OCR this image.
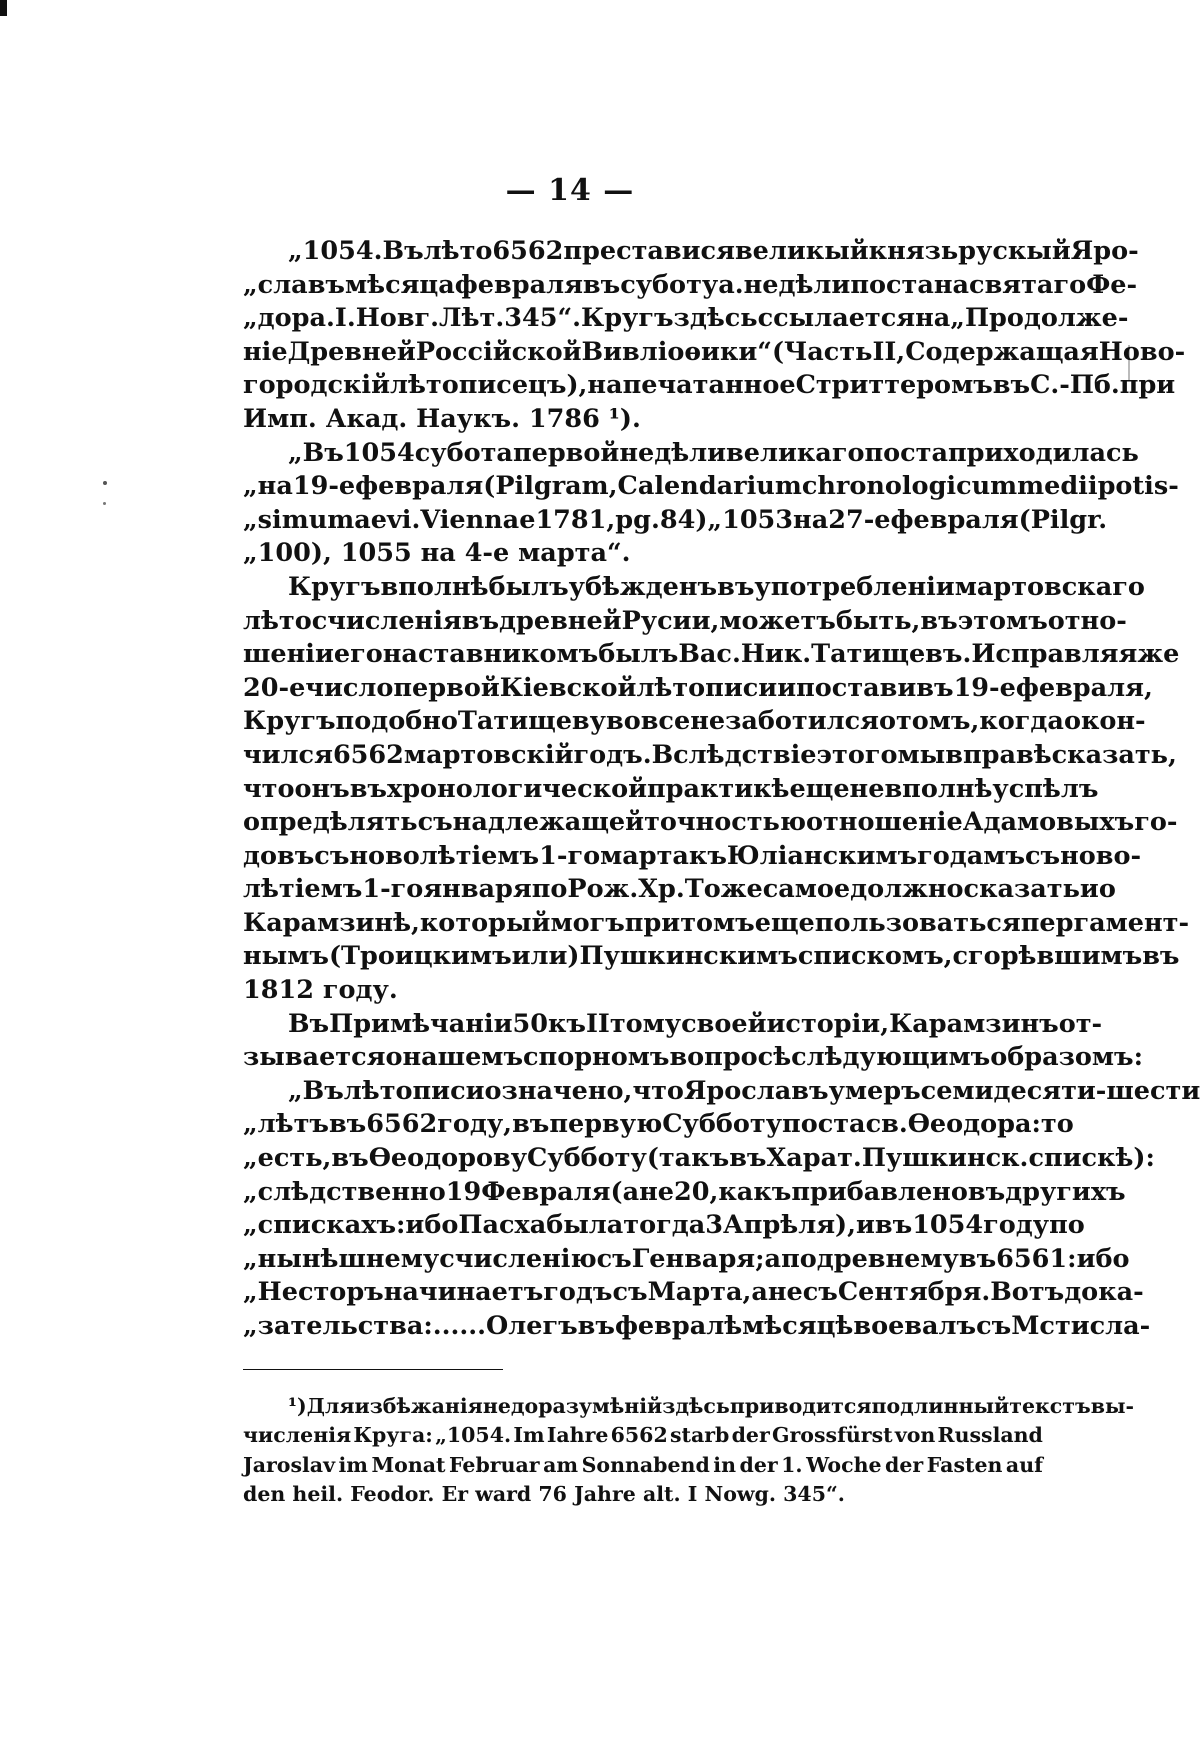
— 14 —
„1054. Въ лѣто 6562 преставися великый князь рускый Яро-
„славъ мѣсяца февраля въ суботу а. недѣли поста на святаго Фе-
„дора. I. Новг. Лѣт. 345“. Кругъ здѣсь ссылается на „Продолже-
ніе Древней Россійской Вивліоѳики“ (Часть II, Содержащая Ново-
городскій лѣтописецъ), напечатанное Стриттеромъ въ С.-Пб. при
Имп. Акад. Наукъ. 1786 ¹).
„Въ 1054 субота первой недѣли великаго поста приходилась
„на 19-е февраля (Pilgram, Calendarium chronologicum medii potis-
„simum aevi. Viennae 1781, pg. 84) „1053 на 27-е февраля (Pilgr.
„100), 1055 на 4-е марта“.
Кругъ вполнѣ былъ убѣжденъ въ употребленіи мартовскаго
лѣтосчисленія въ древней Руси и, можетъ быть, въ этомъ отно-
шеніи его наставникомъ былъ Вас. Ник. Татищевъ. Исправляя же
20-е число первой Кіевской лѣтописи и поставивъ 19-е февраля,
Кругъ подобно Татищеву вовсе не заботился о томъ, когда окон-
чился 6562 мартовскій годъ. Вслѣдствіе этого мы вправѣ сказать,
что онъ въ хронологической практикѣ еще не вполнѣ успѣлъ
опредѣлять съ надлежащей точностью отношеніе Адамовыхъ го-
довъ съ новолѣтіемъ 1-го марта къ Юліанскимъ годамъ съ ново-
лѣтіемъ 1-го января по Рож. Хр. Тоже самое должно сказать и о
Карамзинѣ, который могъ притомъ еще пользоваться пергамент-
нымъ (Троицкимъ или) Пушкинскимъ спискомъ, сгорѣвшимъ въ
1812 году.
Въ Примѣчаніи 50 къ II тому своей исторіи, Карамзинъ от-
зывается о нашемъ спорномъ вопросѣ слѣдующимъ образомъ:
„Въ лѣтописи означено, что Ярославъ умеръ семидесяти-шести
„лѣтъ въ 6562 году, въ первую Субботу поста св. Ѳеодора: то
„есть, въ Ѳеодорову Субботу (такъ въ Харат. Пушкинск. спискѣ):
„слѣдственно 19 Февраля (а не 20, какъ прибавлено въ другихъ
„спискахъ: ибо Пасха была тогда 3 Апрѣля), и въ 1054 году по
„нынѣшнему счисленію съ Генваря; а по древнему въ 6561: ибо
„Несторъ начинаетъ годъ съ Марта, а не съ Сентября. Вотъ дока-
„зательства: ...... Олегъ въ февралѣ мѣсяцѣ воевалъ съ Мстисла-
¹) Для избѣжанія недоразумѣній здѣсь приводится подлинный текстъ вы-
численія Круга: „1054. Im Iahre 6562 starb der Grossfürst von Russland
Jaroslav im Monat Februar am Sonnabend in der 1. Woche der Fasten auf
den heil. Feodor. Er ward 76 Jahre alt. I Nowg. 345“.
